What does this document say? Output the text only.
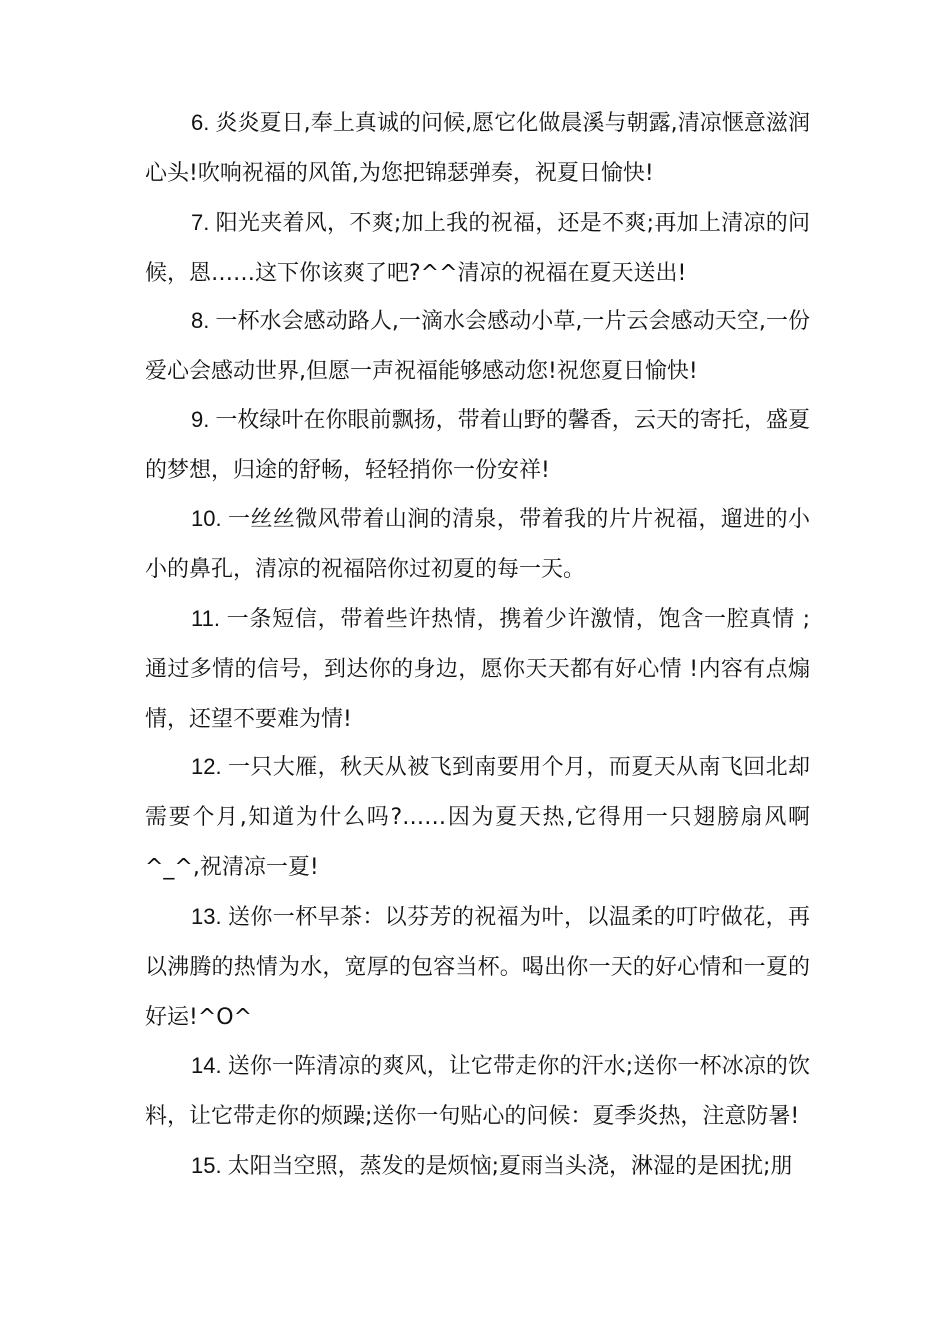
6. 炎炎夏日,奉上真诚的问候,愿它化做晨溪与朝露,清凉惬意滋润心头!吹响祝福的风笛,为您把锦瑟弹奏，祝夏日愉快!

7. 阳光夹着风，不爽;加上我的祝福，还是不爽;再加上清凉的问候，恩……这下你该爽了吧?^^清凉的祝福在夏天送出!

8. 一杯水会感动路人,一滴水会感动小草,一片云会感动天空,一份爱心会感动世界,但愿一声祝福能够感动您!祝您夏日愉快!

9. 一枚绿叶在你眼前飘扬，带着山野的馨香，云天的寄托，盛夏的梦想，归途的舒畅，轻轻捎你一份安祥!

10. 一丝丝微风带着山涧的清泉，带着我的片片祝福，遛进的小小的鼻孔，清凉的祝福陪你过初夏的每一天。

11. 一条短信，带着些许热情，携着少许激情，饱含一腔真情 ;通过多情的信号，到达你的身边，愿你天天都有好心情 !内容有点煽情，还望不要难为情!

12. 一只大雁，秋天从被飞到南要用个月，而夏天从南飞回北却需要个月,知道为什么吗?……因为夏天热,它得用一只翅膀扇风啊^_^,祝清凉一夏!

13. 送你一杯早茶：以芬芳的祝福为叶，以温柔的叮咛做花，再以沸腾的热情为水，宽厚的包容当杯。喝出你一天的好心情和一夏的好运!^O^

14. 送你一阵清凉的爽风，让它带走你的汗水;送你一杯冰凉的饮料，让它带走你的烦躁;送你一句贴心的问候：夏季炎热，注意防暑!

15. 太阳当空照，蒸发的是烦恼;夏雨当头浇，淋湿的是困扰;朋
